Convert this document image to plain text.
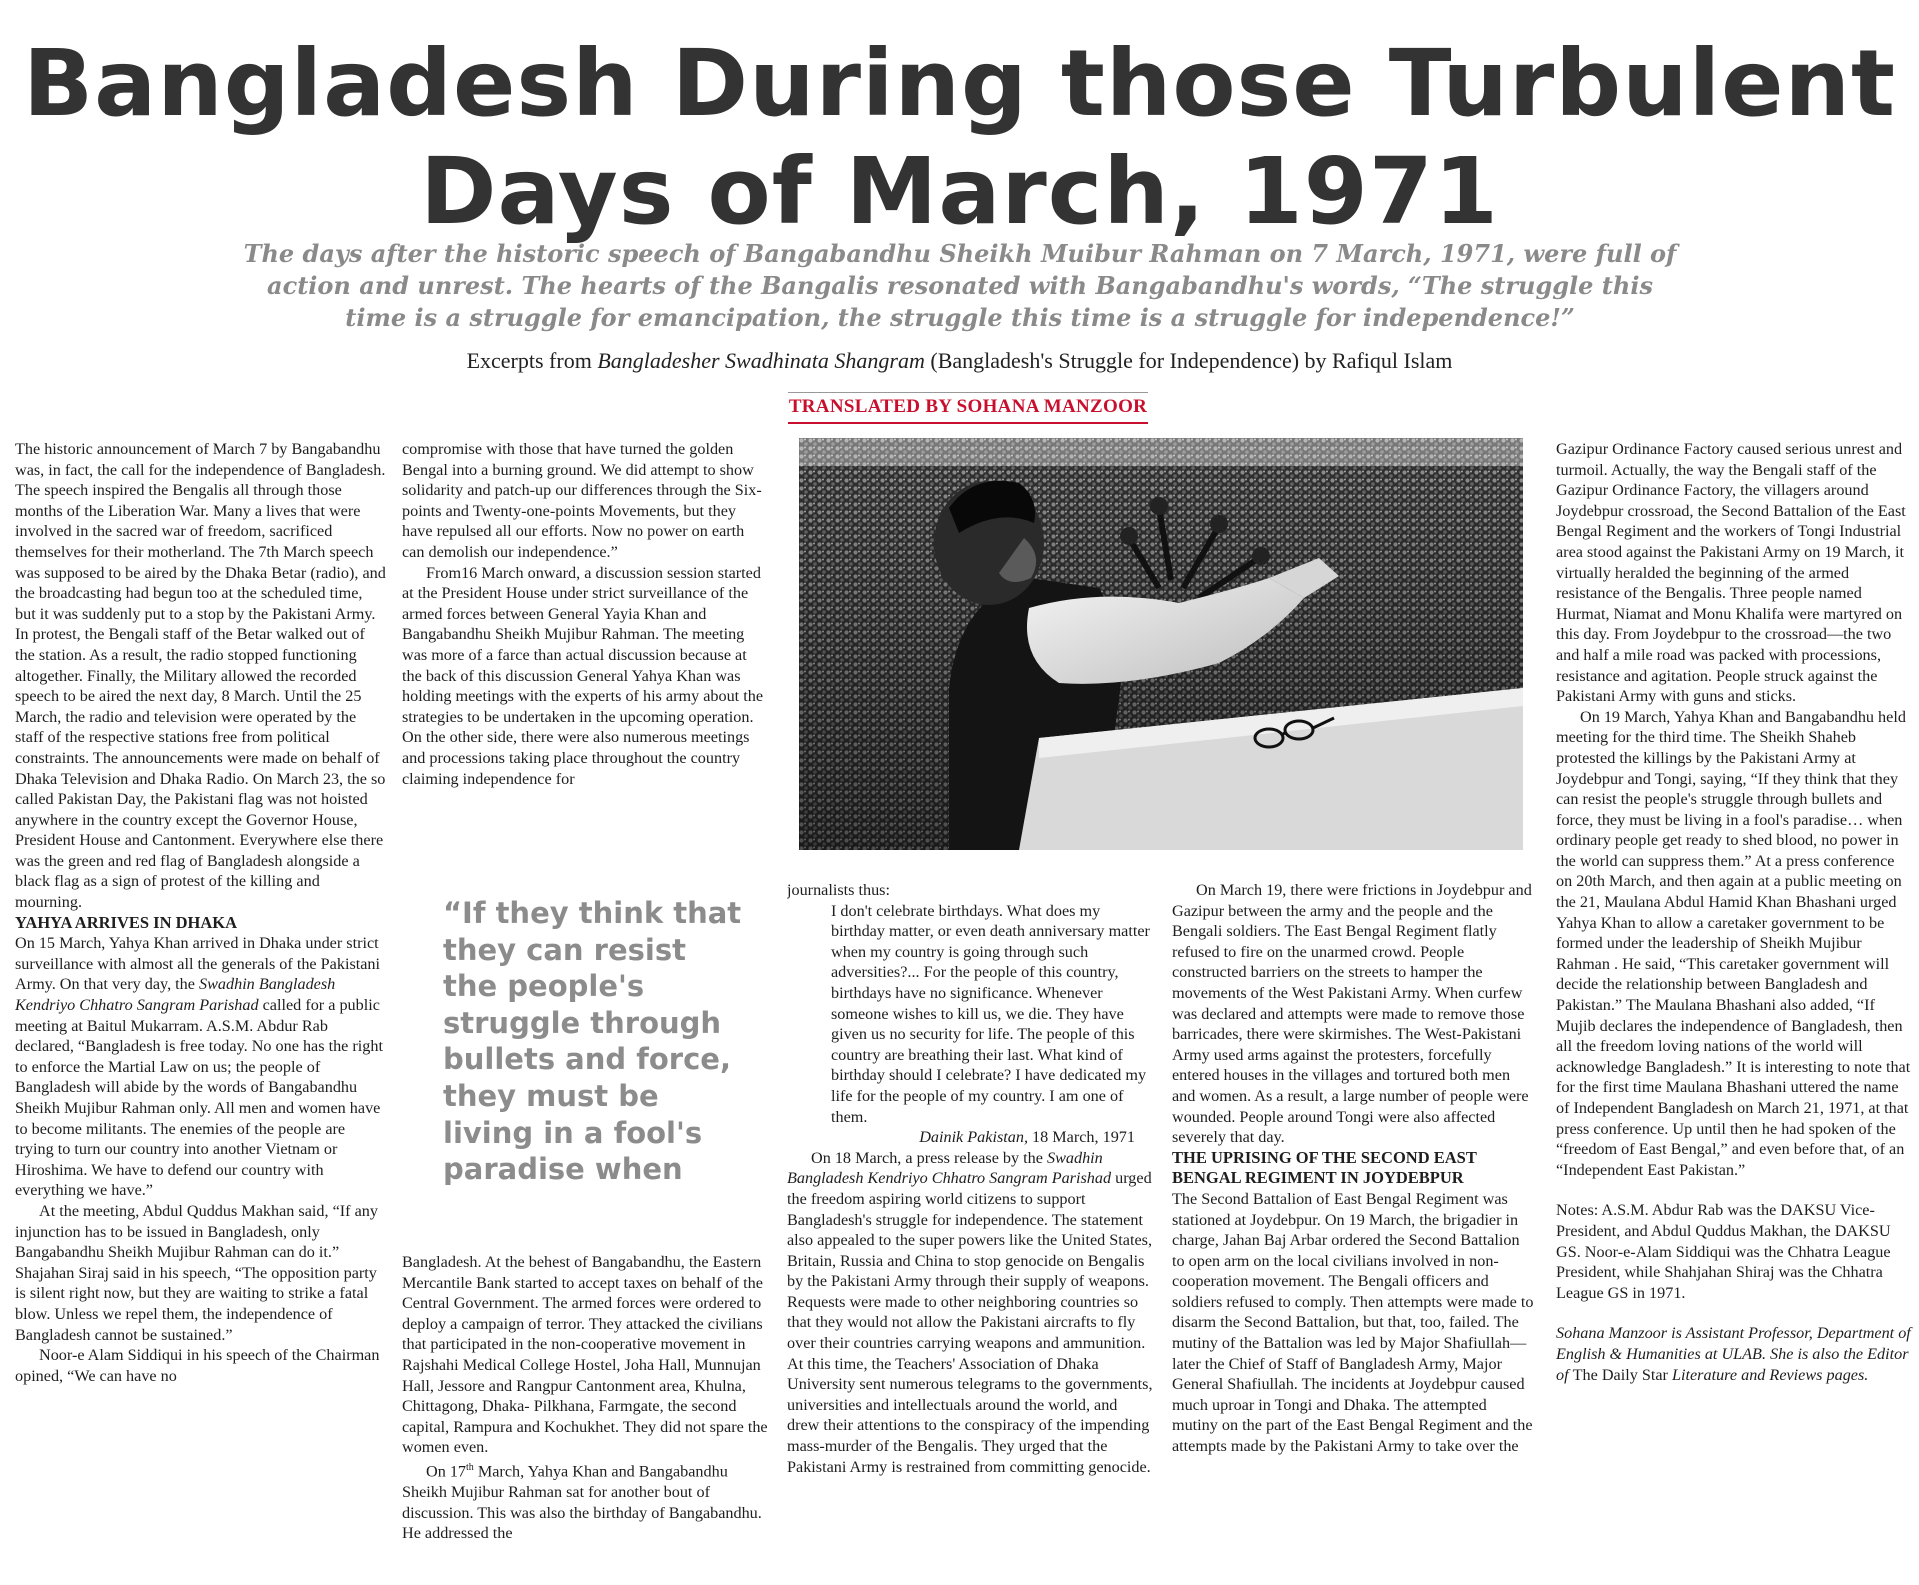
Bangladesh During those Turbulent Days of March, 1971
The days after the historic speech of Bangabandhu Sheikh Muibur Rahman on 7 March, 1971, were full of action and unrest. The hearts of the Bangalis resonated with Bangabandhu's words, “The struggle this time is a struggle for emancipation, the struggle this time is a struggle for independence!”
Excerpts from Bangladesher Swadhinata Shangram (Bangladesh's Struggle for Independence) by Rafiqul Islam
TRANSLATED BY SOHANA MANZOOR

The historic announcement of March 7 by Bangabandhu was, in fact, the call for the independence of Bangladesh. The speech inspired the Bengalis all through those months of the Liberation War. Many a lives that were involved in the sacred war of freedom, sacrificed themselves for their motherland. The 7th March speech was supposed to be aired by the Dhaka Betar (radio), and the broadcasting had begun too at the scheduled time, but it was suddenly put to a stop by the Pakistani Army. In protest, the Bengali staff of the Betar walked out of the station. As a result, the radio stopped functioning altogether. Finally, the Military allowed the recorded speech to be aired the next day, 8 March. Until the 25 March, the radio and television were operated by the staff of the respective stations free from political constraints. The announcements were made on behalf of Dhaka Television and Dhaka Radio. On March 23, the so called Pakistan Day, the Pakistani flag was not hoisted anywhere in the country except the Governor House, President House and Cantonment. Everywhere else there was the green and red flag of Bangladesh alongside a black flag as a sign of protest of the killing and mourning.

YAHYA ARRIVES IN DHAKA

On 15 March, Yahya Khan arrived in Dhaka under strict surveillance with almost all the generals of the Pakistani Army. On that very day, the Swadhin Bangladesh Kendriyo Chhatro Sangram Parishad called for a public meeting at Baitul Mukarram. A.S.M. Abdur Rab declared, “Bangladesh is free today. No one has the right to enforce the Martial Law on us; the people of Bangladesh will abide by the words of Bangabandhu Sheikh Mujibur Rahman only. All men and women have to become militants. The enemies of the people are trying to turn our country into another Vietnam or Hiroshima. We have to defend our country with everything we have.”

At the meeting, Abdul Quddus Makhan said, “If any injunction has to be issued in Bangladesh, only Bangabandhu Sheikh Mujibur Rahman can do it.” Shajahan Siraj said in his speech, “The opposition party is silent right now, but they are waiting to strike a fatal blow. Unless we repel them, the independence of Bangladesh cannot be sustained.”

Noor-e Alam Siddiqui in his speech of the Chairman opined, “We can have no

compromise with those that have turned the golden Bengal into a burning ground. We did attempt to show solidarity and patch-up our differences through the Six-points and Twenty-one-points Movements, but they have repulsed all our efforts. Now no power on earth can demolish our independence.”

From16 March onward, a discussion session started at the President House under strict surveillance of the armed forces between General Yayia Khan and Bangabandhu Sheikh Mujibur Rahman. The meeting was more of a farce than actual discussion because at the back of this discussion General Yahya Khan was holding meetings with the experts of his army about the strategies to be undertaken in the upcoming operation. On the other side, there were also numerous meetings and processions taking place throughout the country claiming independence for

“If they think that they can resist the people's struggle through bullets and force, they must be living in a fool's paradise when

Bangladesh. At the behest of Bangabandhu, the Eastern Mercantile Bank started to accept taxes on behalf of the Central Government. The armed forces were ordered to deploy a campaign of terror. They attacked the civilians that participated in the non-cooperative movement in Rajshahi Medical College Hostel, Joha Hall, Munnujan Hall, Jessore and Rangpur Cantonment area, Khulna, Chittagong, Dhaka- Pilkhana, Farmgate, the second capital, Rampura and Kochukhet. They did not spare the women even.

On 17th March, Yahya Khan and Bangabandhu Sheikh Mujibur Rahman sat for another bout of discussion. This was also the birthday of Bangabandhu. He addressed the

journalists thus:

I don't celebrate birthdays. What does my birthday matter, or even death anniversary matter when my country is going through such adversities?... For the people of this country, birthdays have no significance. Whenever someone wishes to kill us, we die. They have given us no security for life. The people of this country are breathing their last. What kind of birthday should I celebrate? I have dedicated my life for the people of my country. I am one of them.

Dainik Pakistan, 18 March, 1971

On 18 March, a press release by the Swadhin Bangladesh Kendriyo Chhatro Sangram Parishad urged the freedom aspiring world citizens to support Bangladesh's struggle for independence. The statement also appealed to the super powers like the United States, Britain, Russia and China to stop genocide on Bengalis by the Pakistani Army through their supply of weapons. Requests were made to other neighboring countries so that they would not allow the Pakistani aircrafts to fly over their countries carrying weapons and ammunition. At this time, the Teachers' Association of Dhaka University sent numerous telegrams to the governments, universities and intellectuals around the world, and drew their attentions to the conspiracy of the impending mass-murder of the Bengalis. They urged that the Pakistani Army is restrained from committing genocide.

On March 19, there were frictions in Joydebpur and Gazipur between the army and the people and the Bengali soldiers. The East Bengal Regiment flatly refused to fire on the unarmed crowd. People constructed barriers on the streets to hamper the movements of the West Pakistani Army. When curfew was declared and attempts were made to remove those barricades, there were skirmishes. The West-Pakistani Army used arms against the protesters, forcefully entered houses in the villages and tortured both men and women. As a result, a large number of people were wounded. People around Tongi were also affected severely that day.

THE UPRISING OF THE SECOND EAST BENGAL REGIMENT IN JOYDEBPUR

The Second Battalion of East Bengal Regiment was stationed at Joydebpur. On 19 March, the brigadier in charge, Jahan Baj Arbar ordered the Second Battalion to open arm on the local civilians involved in non-cooperation movement. The Bengali officers and soldiers refused to comply. Then attempts were made to disarm the Second Battalion, but that, too, failed. The mutiny of the Battalion was led by Major Shafiullah—later the Chief of Staff of Bangladesh Army, Major General Shafiullah. The incidents at Joydebpur caused much uproar in Tongi and Dhaka. The attempted mutiny on the part of the East Bengal Regiment and the attempts made by the Pakistani Army to take over the

Gazipur Ordinance Factory caused serious unrest and turmoil. Actually, the way the Bengali staff of the Gazipur Ordinance Factory, the villagers around Joydebpur crossroad, the Second Battalion of the East Bengal Regiment and the workers of Tongi Industrial area stood against the Pakistani Army on 19 March, it virtually heralded the beginning of the armed resistance of the Bengalis. Three people named Hurmat, Niamat and Monu Khalifa were martyred on this day. From Joydebpur to the crossroad—the two and half a mile road was packed with processions, resistance and agitation. People struck against the Pakistani Army with guns and sticks.

On 19 March, Yahya Khan and Bangabandhu held meeting for the third time. The Sheikh Shaheb protested the killings by the Pakistani Army at Joydebpur and Tongi, saying, “If they think that they can resist the people's struggle through bullets and force, they must be living in a fool's paradise… when ordinary people get ready to shed blood, no power in the world can suppress them.” At a press conference on 20th March, and then again at a public meeting on the 21, Maulana Abdul Hamid Khan Bhashani urged Yahya Khan to allow a caretaker government to be formed under the leadership of Sheikh Mujibur Rahman . He said, “This caretaker government will decide the relationship between Bangladesh and Pakistan.” The Maulana Bhashani also added, “If Mujib declares the independence of Bangladesh, then all the freedom loving nations of the world will acknowledge Bangladesh.” It is interesting to note that for the first time Maulana Bhashani uttered the name of Independent Bangladesh on March 21, 1971, at that press conference. Up until then he had spoken of the “freedom of East Bengal,” and even before that, of an “Independent East Pakistan.”

Notes: A.S.M. Abdur Rab was the DAKSU Vice- President, and Abdul Quddus Makhan, the DAKSU GS. Noor-e-Alam Siddiqui was the Chhatra League President, while Shahjahan Shiraj was the Chhatra League GS in 1971.

Sohana Manzoor is Assistant Professor, Department of English & Humanities at ULAB. She is also the Editor of The Daily Star Literature and Reviews pages.
